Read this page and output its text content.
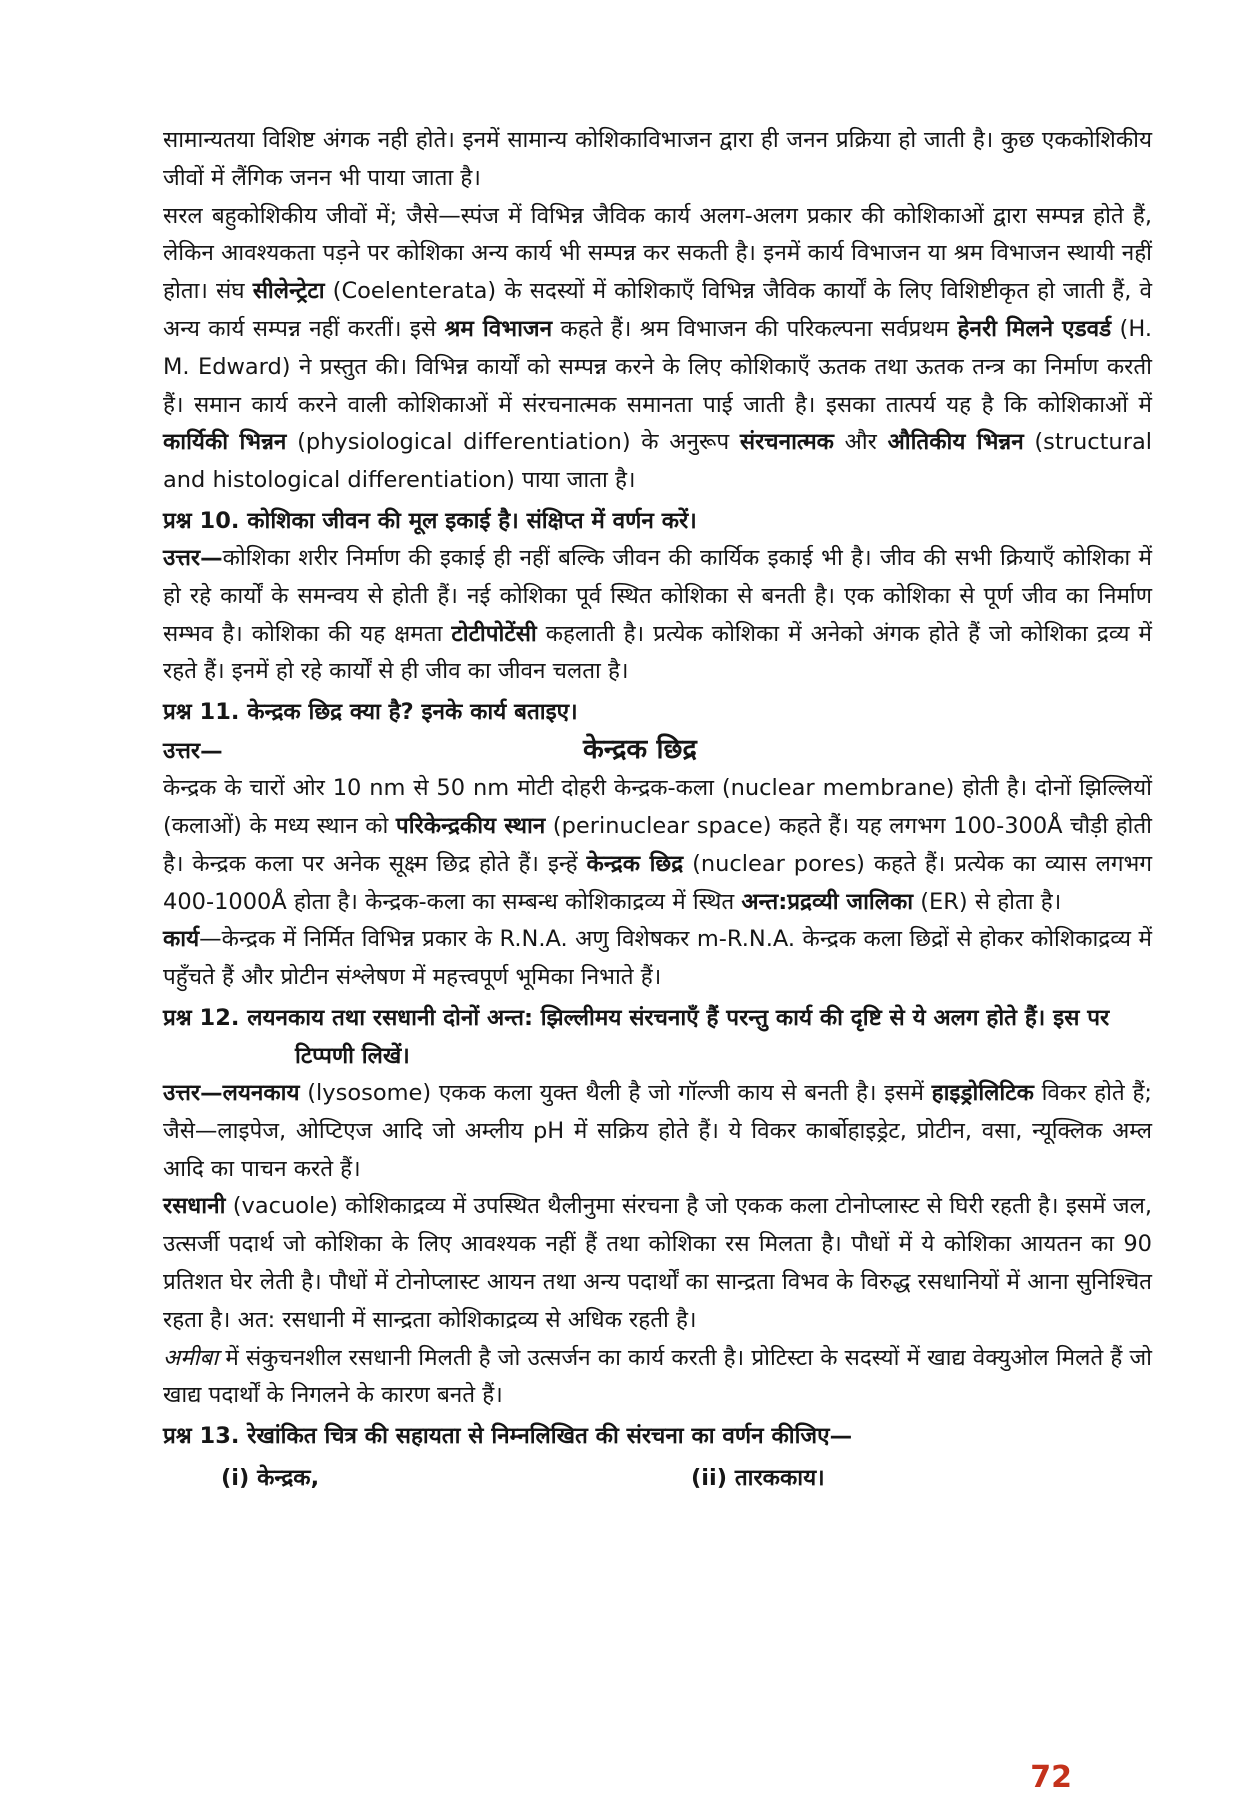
सामान्यतया विशिष्ट अंगक नही होते। इनमें सामान्य कोशिकाविभाजन द्वारा ही जनन प्रक्रिया हो जाती है। कुछ एककोशिकीय जीवों में लैंगिक जनन भी पाया जाता है।

सरल बहुकोशिकीय जीवों में; जैसे—स्पंज में विभिन्न जैविक कार्य अलग-अलग प्रकार की कोशिकाओं द्वारा सम्पन्न होते हैं, लेकिन आवश्यकता पड़ने पर कोशिका अन्य कार्य भी सम्पन्न कर सकती है। इनमें कार्य विभाजन या श्रम विभाजन स्थायी नहीं होता। संघ सीलेन्ट्रेटा (Coelenterata) के सदस्यों में कोशिकाएँ विभिन्न जैविक कार्यों के लिए विशिष्टीकृत हो जाती हैं, वे अन्य कार्य सम्पन्न नहीं करतीं। इसे श्रम विभाजन कहते हैं। श्रम विभाजन की परिकल्पना सर्वप्रथम हेनरी मिलने एडवर्ड (H. M. Edward) ने प्रस्तुत की। विभिन्न कार्यों को सम्पन्न करने के लिए कोशिकाएँ ऊतक तथा ऊतक तन्त्र का निर्माण करती हैं। समान कार्य करने वाली कोशिकाओं में संरचनात्मक समानता पाई जाती है। इसका तात्पर्य यह है कि कोशिकाओं में कार्यिकी भिन्नन (physiological differentiation) के अनुरूप संरचनात्मक और औतिकीय भिन्नन (structural and histological differentiation) पाया जाता है।

प्रश्न 10. कोशिका जीवन की मूल इकाई है। संक्षिप्त में वर्णन करें।

उत्तर—कोशिका शरीर निर्माण की इकाई ही नहीं बल्कि जीवन की कार्यिक इकाई भी है। जीव की सभी क्रियाएँ कोशिका में हो रहे कार्यों के समन्वय से होती हैं। नई कोशिका पूर्व स्थित कोशिका से बनती है। एक कोशिका से पूर्ण जीव का निर्माण सम्भव है। कोशिका की यह क्षमता टोटीपोटेंसी कहलाती है। प्रत्येक कोशिका में अनेको अंगक होते हैं जो कोशिका द्रव्य में रहते हैं। इनमें हो रहे कार्यों से ही जीव का जीवन चलता है।

प्रश्न 11. केन्द्रक छिद्र क्या है? इनके कार्य बताइए।

उत्तर—	केन्द्रक छिद्र

केन्द्रक के चारों ओर 10 nm से 50 nm मोटी दोहरी केन्द्रक-कला (nuclear membrane) होती है। दोनों झिल्लियों (कलाओं) के मध्य स्थान को परिकेन्द्रकीय स्थान (perinuclear space) कहते हैं। यह लगभग 100-300Å चौड़ी होती है। केन्द्रक कला पर अनेक सूक्ष्म छिद्र होते हैं। इन्हें केन्द्रक छिद्र (nuclear pores) कहते हैं। प्रत्येक का व्यास लगभग 400-1000Å होता है। केन्द्रक-कला का सम्बन्ध कोशिकाद्रव्य में स्थित अन्त:प्रद्रव्यी जालिका (ER) से होता है।

कार्य—केन्द्रक में निर्मित विभिन्न प्रकार के R.N.A. अणु विशेषकर m-R.N.A. केन्द्रक कला छिद्रों से होकर कोशिकाद्रव्य में पहुँचते हैं और प्रोटीन संश्लेषण में महत्त्वपूर्ण भूमिका निभाते हैं।

प्रश्न 12. लयनकाय तथा रसधानी दोनों अन्त: झिल्लीमय संरचनाएँ हैं परन्तु कार्य की दृष्टि से ये अलग होते हैं। इस पर टिप्पणी लिखें।

उत्तर—लयनकाय (lysosome) एकक कला युक्त थैली है जो गॉल्जी काय से बनती है। इसमें हाइड्रोलिटिक विकर होते हैं; जैसे—लाइपेज, ओप्टिएज आदि जो अम्लीय pH में सक्रिय होते हैं। ये विकर कार्बोहाइड्रेट, प्रोटीन, वसा, न्यूक्लिक अम्ल आदि का पाचन करते हैं।

रसधानी (vacuole) कोशिकाद्रव्य में उपस्थित थैलीनुमा संरचना है जो एकक कला टोनोप्लास्ट से घिरी रहती है। इसमें जल, उत्सर्जी पदार्थ जो कोशिका के लिए आवश्यक नहीं हैं तथा कोशिका रस मिलता है। पौधों में ये कोशिका आयतन का 90 प्रतिशत घेर लेती है। पौधों में टोनोप्लास्ट आयन तथा अन्य पदार्थों का सान्द्रता विभव के विरुद्ध रसधानियों में आना सुनिश्चित रहता है। अत: रसधानी में सान्द्रता कोशिकाद्रव्य से अधिक रहती है।

अमीबा में संकुचनशील रसधानी मिलती है जो उत्सर्जन का कार्य करती है। प्रोटिस्टा के सदस्यों में खाद्य वेक्युओल मिलते हैं जो खाद्य पदार्थों के निगलने के कारण बनते हैं।

प्रश्न 13. रेखांकित चित्र की सहायता से निम्नलिखित की संरचना का वर्णन कीजिए—

(i) केन्द्रक,	(ii) तारककाय।
72
